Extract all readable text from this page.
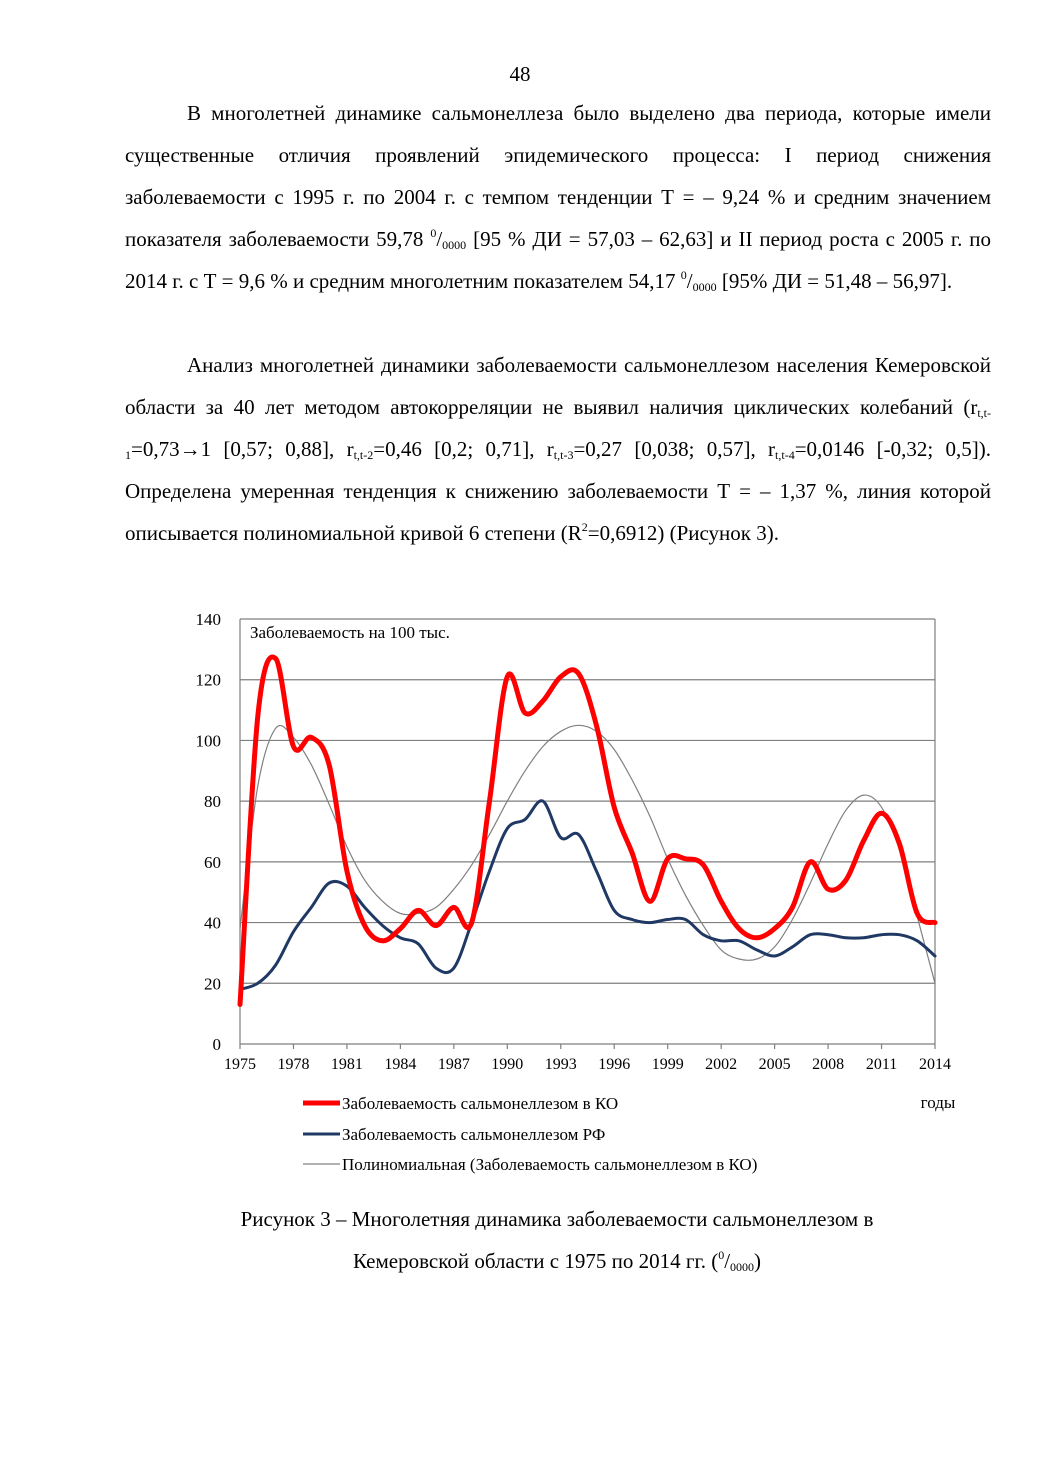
48

В многолетней динамике сальмонеллеза было выделено два периода, которые имели существенные отличия проявлений эпидемического процесса: I период снижения заболеваемости с 1995 г. по 2004 г. с темпом тенденции Т = – 9,24 % и средним значением показателя заболеваемости 59,78 $^0/_{0000}$ [95 % ДИ = 57,03 – 62,63] и II период роста с 2005 г. по 2014 г. с Т = 9,6 % и средним многолетним показателем 54,17 $^0/_{0000}$ [95% ДИ = 51,48 – 56,97].

Анализ многолетней динамики заболеваемости сальмонеллезом населения Кемеровской области за 40 лет методом автокорреляции не выявил наличия циклических колебаний ($r_{t,t-1}=0,73\to 1$ [0,57; 0,88], $r_{t,t-2}=0,46$ [0,2; 0,71], $r_{t,t-3}=0,27$ [0,038; 0,57], $r_{t,t-4}=0,0146$ [-0,32; 0,5]). Определена умеренная тенденция к снижению заболеваемости Т = – 1,37 %, линия которой описывается полиномиальной кривой 6 степени $(R^2=0,6912)$ (Рисунок 3).

0
20
40
60
80
100
120
140
1975 1978 1981 1984 1987 1990 1993 1996 1999 2002 2005 2008 2011 2014
Заболеваемость на 100 тыс.
годы
Заболеваемость сальмонеллезом в КО
Заболеваемость сальмонеллезом РФ
Полиномиальная (Заболеваемость сальмонеллезом в КО)
Рисунок 3 – Многолетняя динамика заболеваемости сальмонеллезом в
Кемеровской области с 1975 по 2014 гг. $(^0/_{0000})$
